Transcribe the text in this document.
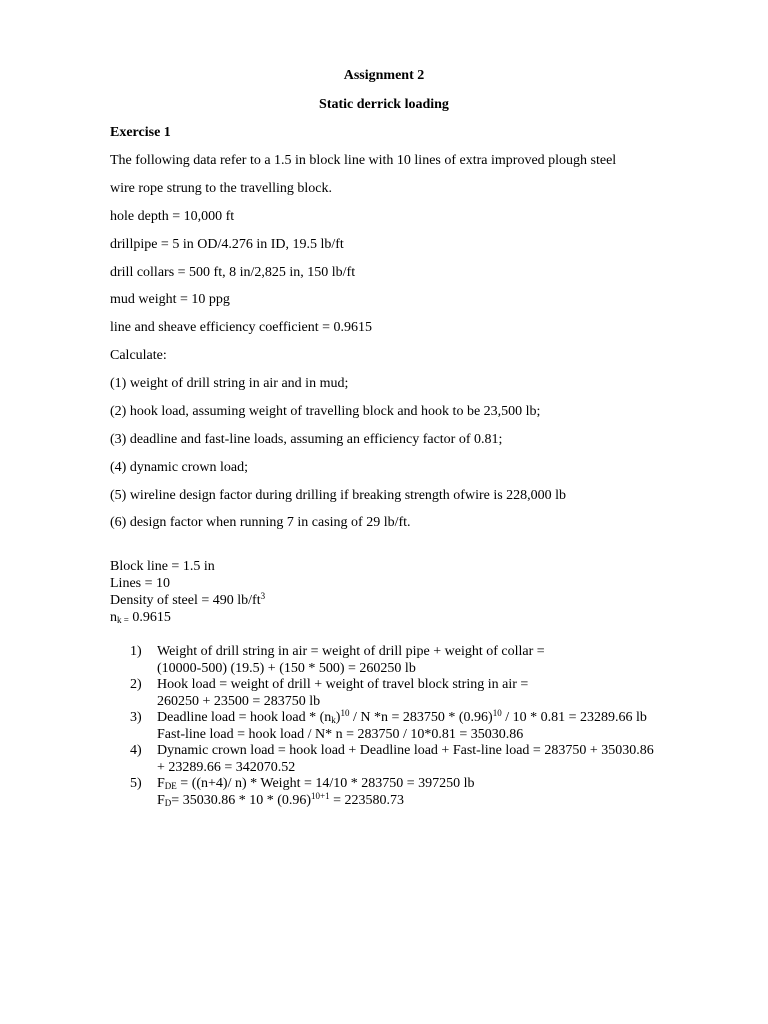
Assignment 2
Static derrick loading
Exercise 1
The following data refer to a 1.5 in block line with 10 lines of extra improved plough steel
wire rope strung to the travelling block.
hole depth = 10,000 ft
drillpipe = 5 in OD/4.276 in ID, 19.5 lb/ft
drill collars = 500 ft, 8 in/2,825 in, 150 lb/ft
mud weight = 10 ppg
line and sheave efficiency coefficient = 0.9615
Calculate:
(1) weight of drill string in air and in mud;
(2) hook load, assuming weight of travelling block and hook to be 23,500 lb;
(3) deadline and fast-line loads, assuming an efficiency factor of 0.81;
(4) dynamic crown load;
(5) wireline design factor during drilling if breaking strength ofwire is 228,000 lb
(6) design factor when running 7 in casing of 29 lb/ft.
Block line = 1.5 in
Lines = 10
Density of steel = 490 $lb/ft^3$
$n_{k =}$ 0.9615
1) Weight of drill string in air = weight of drill pipe + weight of collar =
(10000-500) (19.5) + (150 * 500) = 260250 lb
2) Hook load = weight of drill + weight of travel block string in air =
260250 + 23500 = 283750 lb
3) Deadline load = hook load * $(n_k)^{10}$ / N $*n = 283750 * (0.96)^{10} / 10 * 0.81 = 23289.66$ lb
Fast-line load = hook load / N* n = 283750 / 10*0.81 = 35030.86
4) Dynamic crown load = hook load + Deadline load + Fast-line load = 283750 + 35030.86
+ 23289.66 = 342070.52
5) $F_{DE} = ((n+4)/$ n) * Weight = 14/10 * 283750 = 397250 lb
$F_D= 35030.86 * 10 * (0.96)^{10+1} = 223580.73$
